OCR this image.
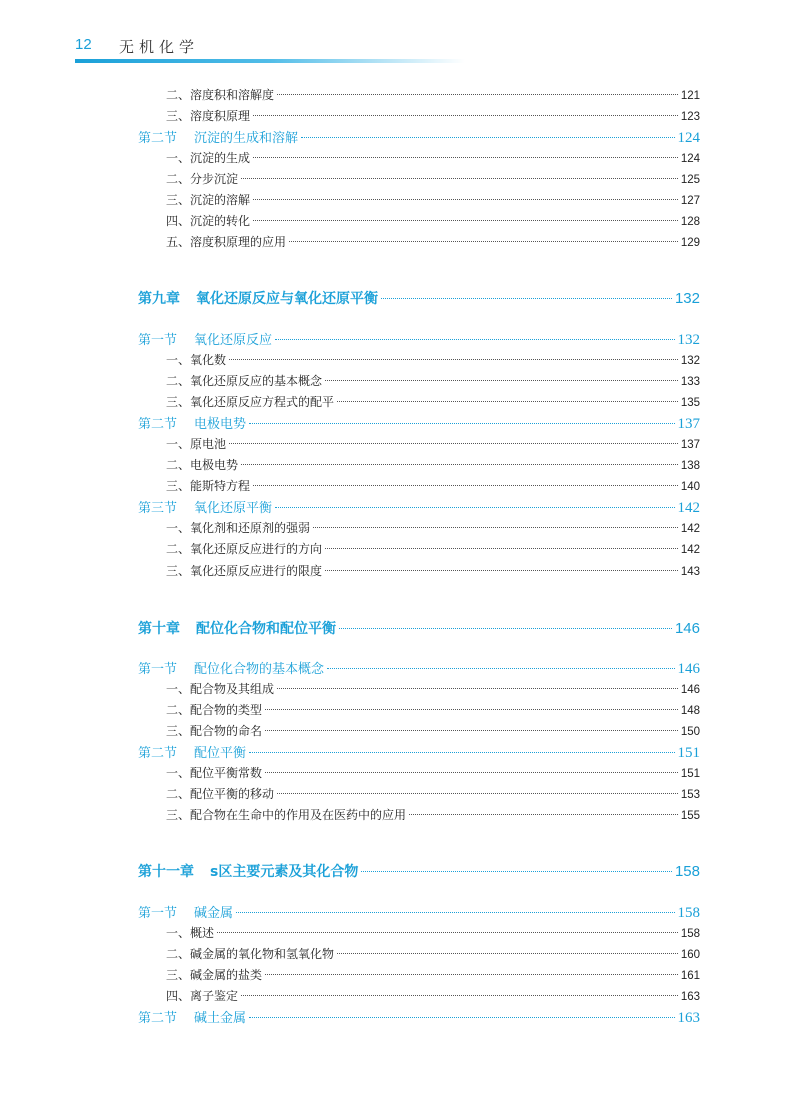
12 无机化学
二、溶度积和溶解度	121
三、溶度积原理	123
第二节 沉淀的生成和溶解	124
一、沉淀的生成	124
二、分步沉淀	125
三、沉淀的溶解	127
四、沉淀的转化	128
五、溶度积原理的应用	129
第九章 氧化还原反应与氧化还原平衡	132
第一节 氧化还原反应	132
一、氧化数	132
二、氧化还原反应的基本概念	133
三、氧化还原反应方程式的配平	135
第二节 电极电势	137
一、原电池	137
二、电极电势	138
三、能斯特方程	140
第三节 氧化还原平衡	142
一、氧化剂和还原剂的强弱	142
二、氧化还原反应进行的方向	142
三、氧化还原反应进行的限度	143
第十章 配位化合物和配位平衡	146
第一节 配位化合物的基本概念	146
一、配合物及其组成	146
二、配合物的类型	148
三、配合物的命名	150
第二节 配位平衡	151
一、配位平衡常数	151
二、配位平衡的移动	153
三、配合物在生命中的作用及在医药中的应用	155
第十一章 s区主要元素及其化合物	158
第一节 碱金属	158
一、概述	158
二、碱金属的氧化物和氢氧化物	160
三、碱金属的盐类	161
四、离子鉴定	163
第二节 碱土金属	163
